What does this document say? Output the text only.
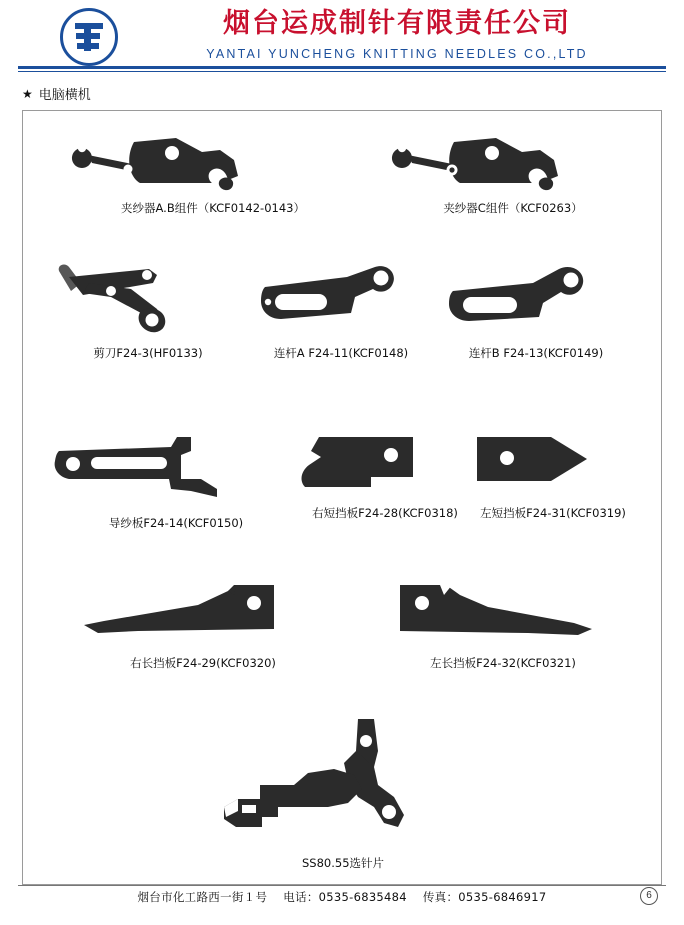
烟台运成制针有限责任公司
YANTAI YUNCHENG KNITTING NEEDLES CO.,LTD
★ 电脑横机
夹纱器A.B组件（KCF0142-0143）	夹纱器C组件（KCF0263）
剪刀F24-3(HF0133)	连杆A F24-11(KCF0148)	连杆B F24-13(KCF0149)
导纱板F24-14(KCF0150)
右短挡板F24-28(KCF0318)	左短挡板F24-31(KCF0319)
右长挡板F24-29(KCF0320)	左长挡板F24-32(KCF0321)
SS80.55选针片
烟台市化工路西一街１号 电话：0535-6835484 传真：0535-6846917	6
